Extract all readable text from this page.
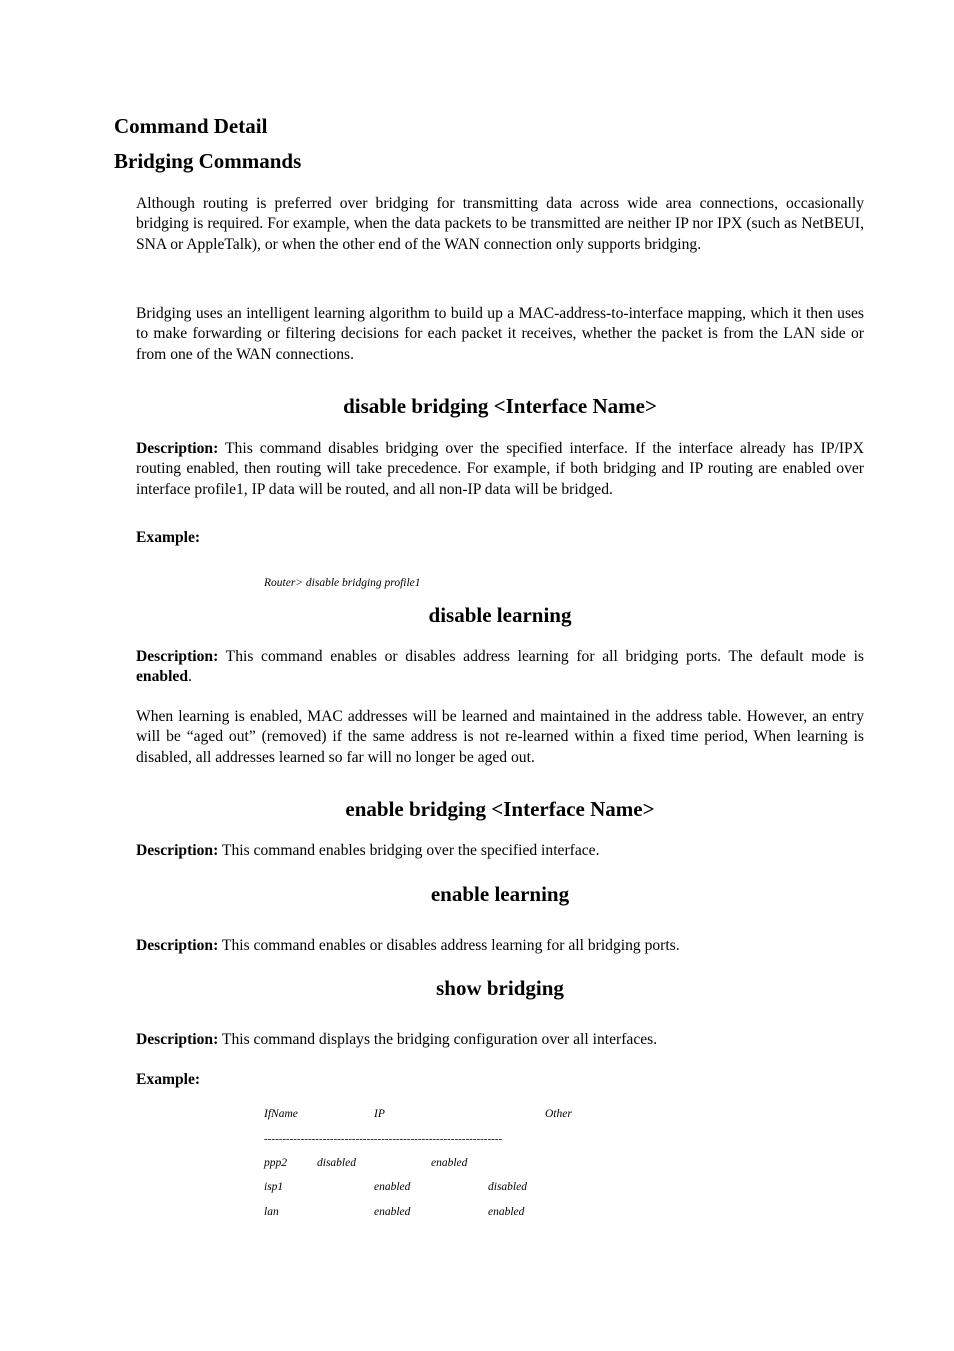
Command Detail
Bridging Commands
Although routing is preferred over bridging for transmitting data across wide area connections, occasionally bridging is required. For example, when the data packets to be transmitted are neither IP nor IPX (such as NetBEUI, SNA or AppleTalk), or when the other end of the WAN connection only supports bridging.
Bridging uses an intelligent learning algorithm to build up a MAC-address-to-interface mapping, which it then uses to make forwarding or filtering decisions for each packet it receives, whether the packet is from the LAN side or from one of the WAN connections.
disable bridging <Interface Name>
Description: This command disables bridging over the specified interface. If the interface already has IP/IPX routing enabled, then routing will take precedence. For example, if both bridging and IP routing are enabled over interface profile1, IP data will be routed, and all non-IP data will be bridged.
Example:
Router> disable bridging profile1
disable learning
Description: This command enables or disables address learning for all bridging ports. The default mode is enabled.
When learning is enabled, MAC addresses will be learned and maintained in the address table. However, an entry will be “aged out” (removed) if the same address is not re-learned within a fixed time period, When learning is disabled, all addresses learned so far will no longer be aged out.
enable bridging <Interface Name>
Description: This command enables bridging over the specified interface.
enable learning
Description: This command enables or disables address learning for all bridging ports.
show bridging
Description: This command displays the bridging configuration over all interfaces.
Example:
IfName	IP	Other
-----------------------------------------------------------------
ppp2	disabled	enabled
isp1	enabled	disabled
lan	enabled	enabled
